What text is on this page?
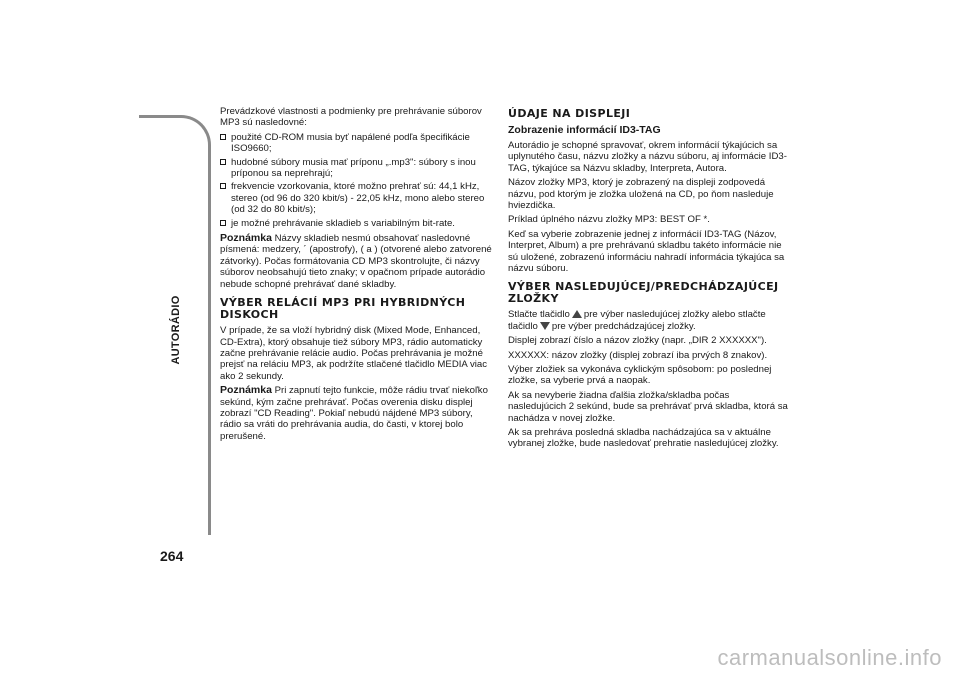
AUTORÁDIO
264

Prevádzkové vlastnosti a podmienky pre prehrávanie súborov MP3 sú nasledovné:

použité CD-ROM musia byť napálené podľa špecifikácie ISO9660;
hudobné súbory musia mať príponu „.mp3": súbory s inou príponou sa neprehrajú;
frekvencie vzorkovania, ktoré možno prehrať sú: 44,1 kHz, stereo (od 96 do 320 kbit/s) - 22,05 kHz, mono alebo stereo (od 32 do 80 kbit/s);
je možné prehrávanie skladieb s variabilným bit-rate.

Poznámka Názvy skladieb nesmú obsahovať nasledovné písmená: medzery, ´ (apostrofy), ( a ) (otvorené alebo zatvorené zátvorky). Počas formátovania CD MP3 skontrolujte, či názvy súborov neobsahujú tieto znaky; v opačnom prípade autorádio nebude schopné prehrávať dané skladby.

VÝBER RELÁCIÍ MP3 PRI HYBRIDNÝCH DISKOCH

V prípade, že sa vloží hybridný disk (Mixed Mode, Enhanced, CD-Extra), ktorý obsahuje tiež súbory MP3, rádio automaticky začne prehrávanie relácie audio. Počas prehrávania je možné prejsť na reláciu MP3, ak podržíte stlačené tlačidlo MEDIA viac ako 2 sekundy.

Poznámka Pri zapnutí tejto funkcie, môže rádiu trvať niekoľko sekúnd, kým začne prehrávať. Počas overenia disku displej zobrazí "CD Reading". Pokiaľ nebudú nájdené MP3 súbory, rádio sa vráti do prehrávania audia, do časti, v ktorej bolo prerušené.

ÚDAJE NA DISPLEJI
Zobrazenie informácií ID3-TAG

Autorádio je schopné spravovať, okrem informácií týkajúcich sa uplynutého času, názvu zložky a názvu súboru, aj informácie ID3-TAG, týkajúce sa Názvu skladby, Interpreta, Autora.

Názov zložky MP3, ktorý je zobrazený na displeji zodpovedá názvu, pod ktorým je zložka uložená na CD, po ňom nasleduje hviezdička.

Príklad úplného názvu zložky MP3: BEST OF *.

Keď sa vyberie zobrazenie jednej z informácií ID3-TAG (Názov, Interpret, Album) a pre prehrávanú skladbu takéto informácie nie sú uložené, zobrazenú informáciu nahradí informácia týkajúca sa názvu súboru.

VÝBER NASLEDUJÚCEJ/PREDCHÁDZAJÚCEJ ZLOŽKY

Stlačte tlačidlo pre výber nasledujúcej zložky alebo stlačte tlačidlo pre výber predchádzajúcej zložky.

Displej zobrazí číslo a názov zložky (napr. „DIR 2 XXXXXX").

XXXXXX: názov zložky (displej zobrazí iba prvých 8 znakov).

Výber zložiek sa vykonáva cyklickým spôsobom: po poslednej zložke, sa vyberie prvá a naopak.

Ak sa nevyberie žiadna ďalšia zložka/skladba počas nasledujúcich 2 sekúnd, bude sa prehrávať prvá skladba, ktorá sa nachádza v novej zložke.

Ak sa prehráva posledná skladba nachádzajúca sa v aktuálne vybranej zložke, bude nasledovať prehratie nasledujúcej zložky.

carmanualsonline.info
